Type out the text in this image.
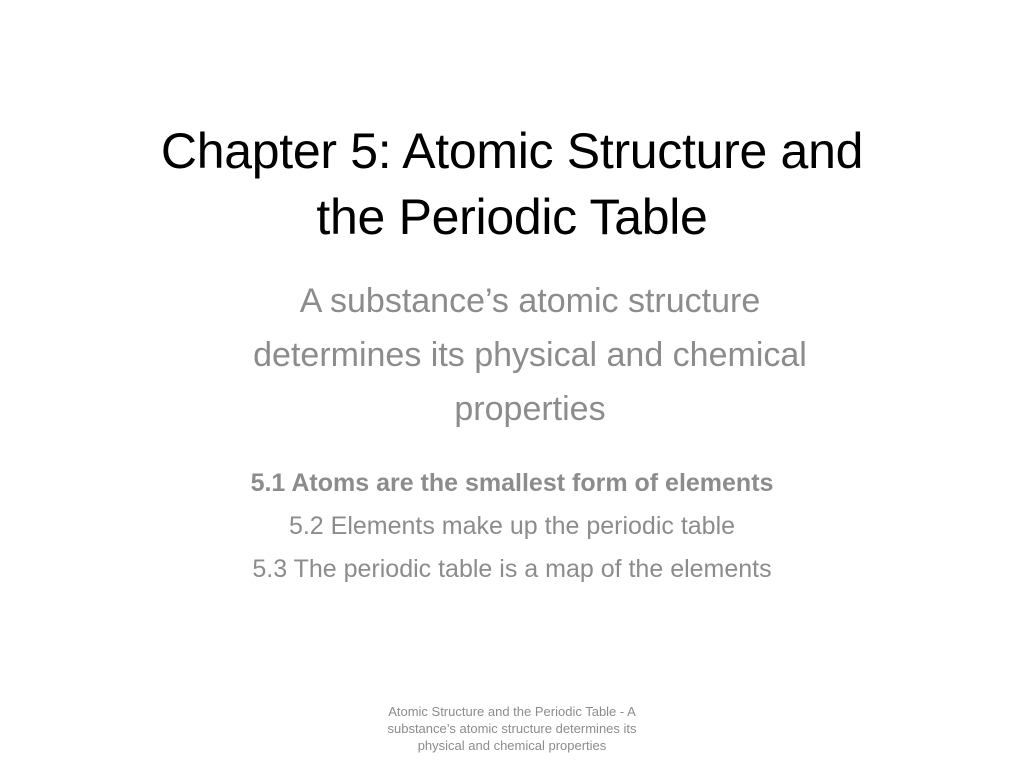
Chapter 5: Atomic Structure and
the Periodic Table
A substance’s atomic structure
determines its physical and chemical
properties
5.1 Atoms are the smallest form of elements
5.2 Elements make up the periodic table
5.3 The periodic table is a map of the elements
Atomic Structure and the Periodic Table - A
substance’s atomic structure determines its
physical and chemical properties
